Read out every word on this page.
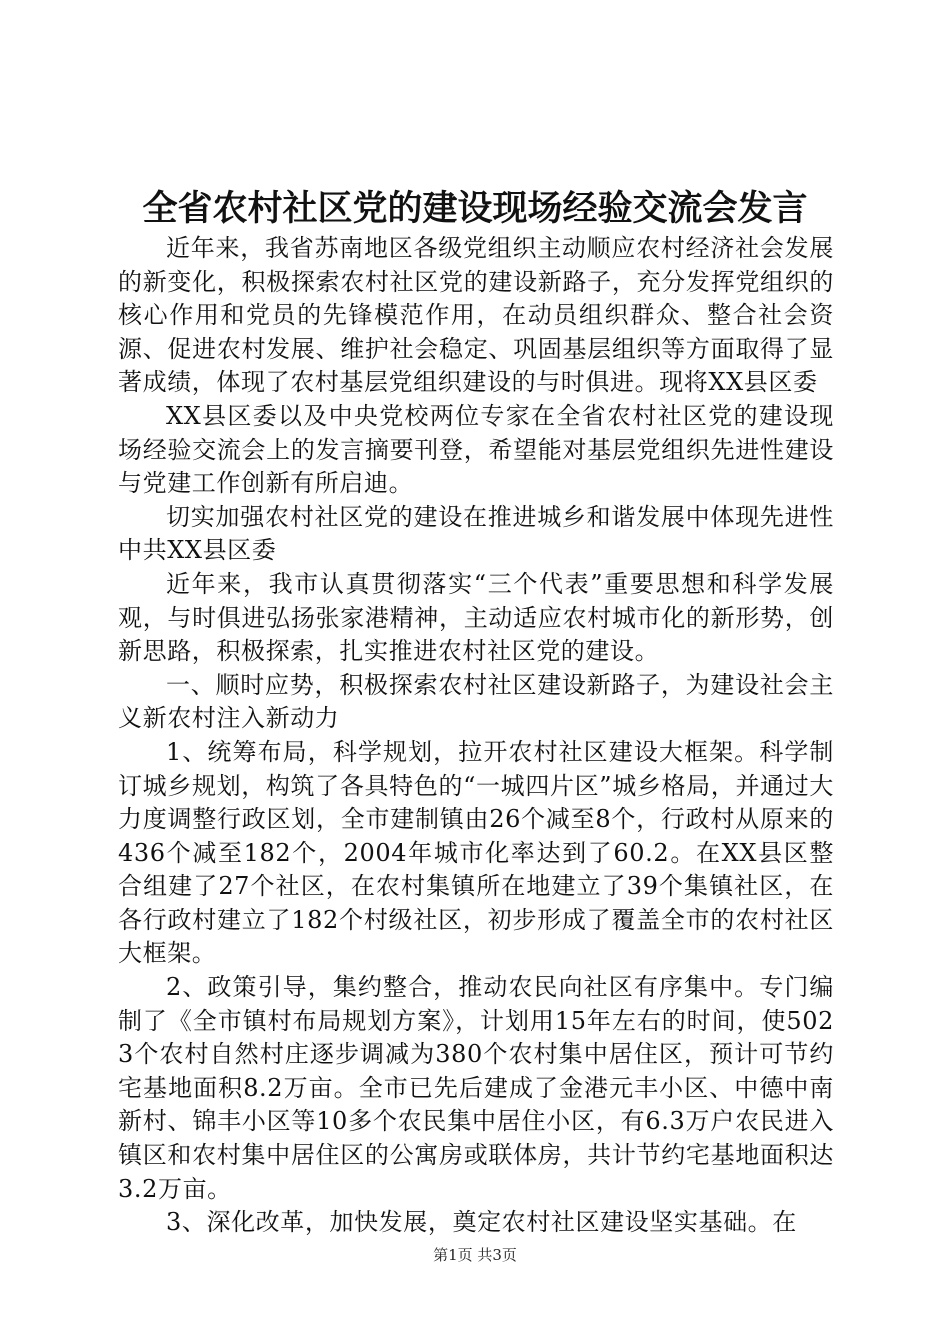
全省农村社区党的建设现场经验交流会发言

近年来，我省苏南地区各级党组织主动顺应农村经济社会发展的新变化，积极探索农村社区党的建设新路子，充分发挥党组织的核心作用和党员的先锋模范作用，在动员组织群众、整合社会资源、促进农村发展、维护社会稳定、巩固基层组织等方面取得了显著成绩，体现了农村基层党组织建设的与时俱进。现将XX县区委

XX县区委以及中央党校两位专家在全省农村社区党的建设现场经验交流会上的发言摘要刊登，希望能对基层党组织先进性建设与党建工作创新有所启迪。

切实加强农村社区党的建设在推进城乡和谐发展中体现先进性中共XX县区委

近年来，我市认真贯彻落实“三个代表”重要思想和科学发展观，与时俱进弘扬张家港精神，主动适应农村城市化的新形势，创新思路，积极探索，扎实推进农村社区党的建设。

一、顺时应势，积极探索农村社区建设新路子，为建设社会主义新农村注入新动力

1、统筹布局，科学规划，拉开农村社区建设大框架。科学制订城乡规划，构筑了各具特色的“一城四片区”城乡格局，并通过大力度调整行政区划，全市建制镇由26个减至8个，行政村从原来的436个减至182个，2004年城市化率达到了60.2。在XX县区整合组建了27个社区，在农村集镇所在地建立了39个集镇社区，在各行政村建立了182个村级社区，初步形成了覆盖全市的农村社区大框架。

2、政策引导，集约整合，推动农民向社区有序集中。专门编制了《全市镇村布局规划方案》，计划用15年左右的时间，使5023个农村自然村庄逐步调减为380个农村集中居住区，预计可节约宅基地面积8.2万亩。全市已先后建成了金港元丰小区、中德中南新村、锦丰小区等10多个农民集中居住小区，有6.3万户农民进入镇区和农村集中居住区的公寓房或联体房，共计节约宅基地面积达3.2万亩。

3、深化改革，加快发展，奠定农村社区建设坚实基础。在

第1页 共3页
